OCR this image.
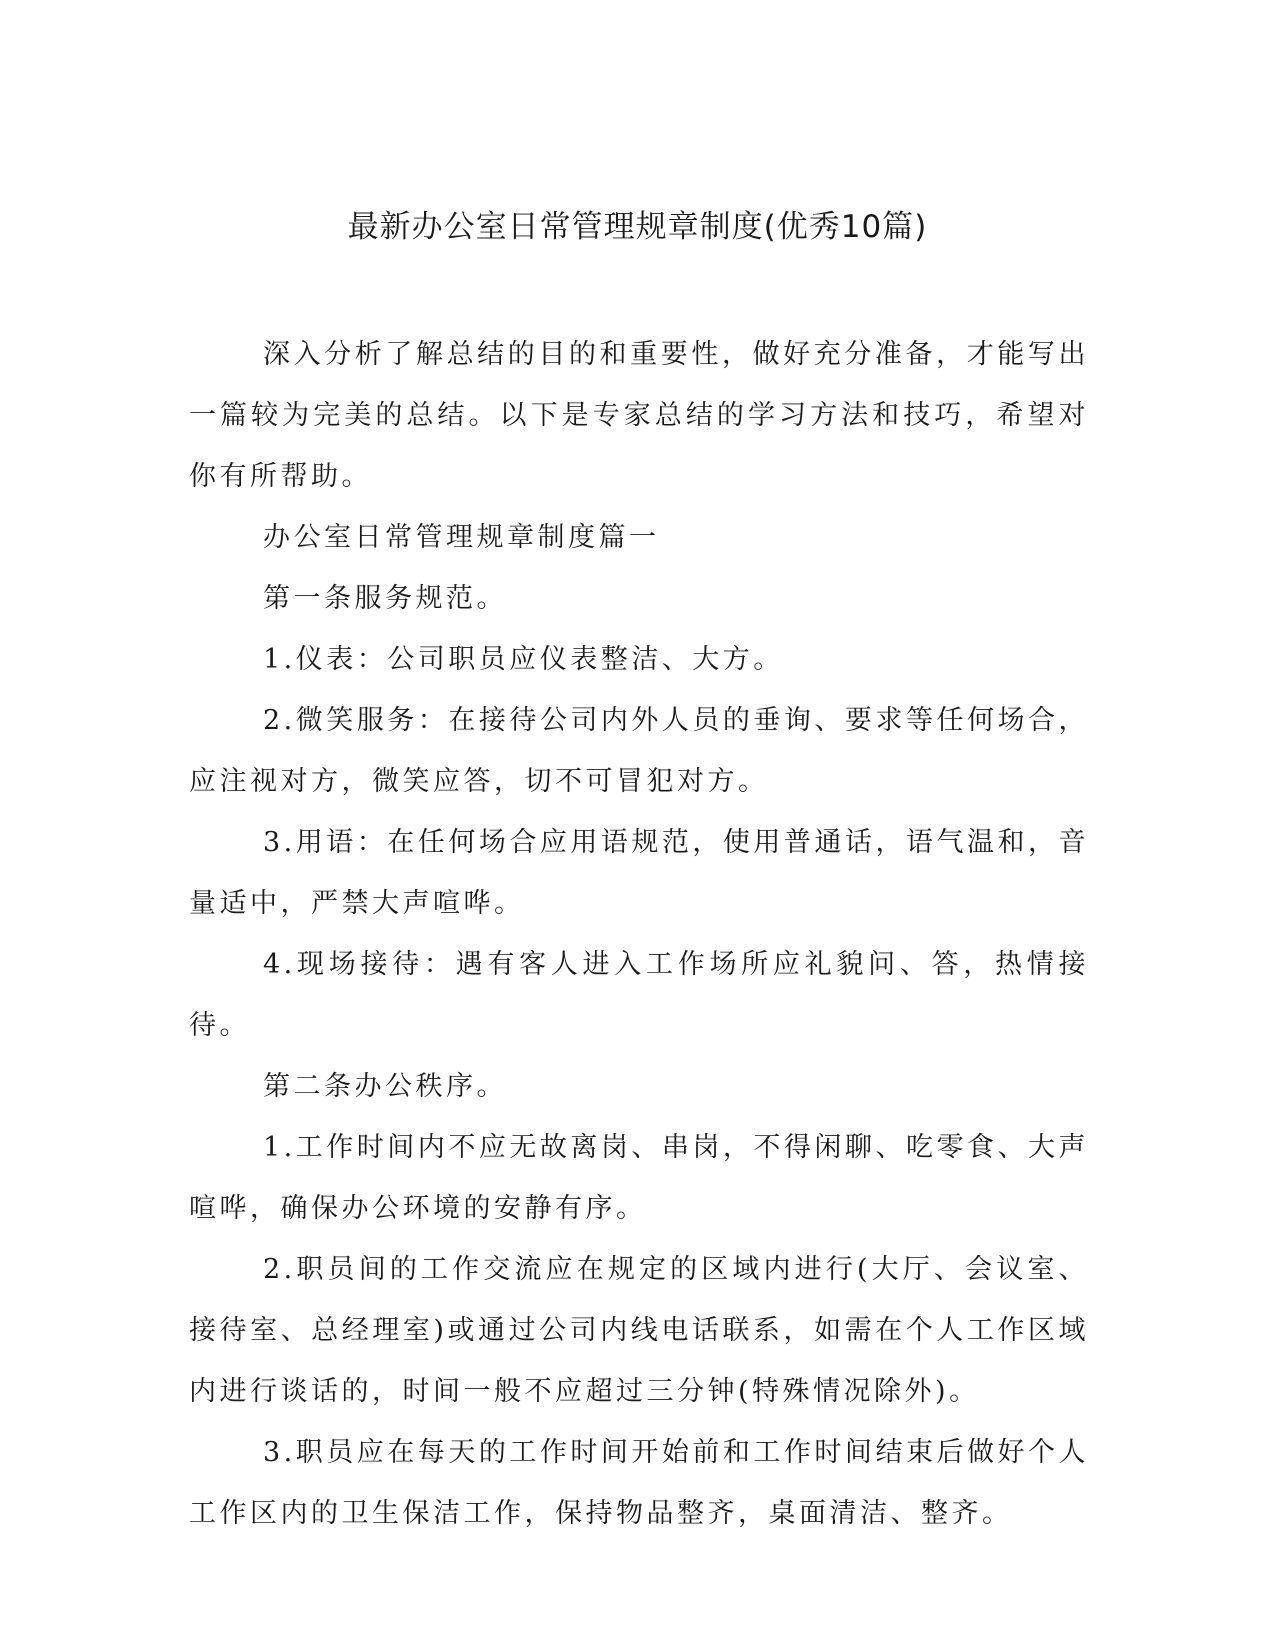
最新办公室日常管理规章制度(优秀10篇)

深入分析了解总结的目的和重要性，做好充分准备，才能写出一篇较为完美的总结。以下是专家总结的学习方法和技巧，希望对你有所帮助。

办公室日常管理规章制度篇一

第一条服务规范。

1.仪表：公司职员应仪表整洁、大方。

2.微笑服务：在接待公司内外人员的垂询、要求等任何场合，应注视对方，微笑应答，切不可冒犯对方。

3.用语：在任何场合应用语规范，使用普通话，语气温和，音量适中，严禁大声喧哗。

4.现场接待：遇有客人进入工作场所应礼貌问、答，热情接待。

第二条办公秩序。

1.工作时间内不应无故离岗、串岗，不得闲聊、吃零食、大声喧哗，确保办公环境的安静有序。

2.职员间的工作交流应在规定的区域内进行(大厅、会议室、接待室、总经理室)或通过公司内线电话联系，如需在个人工作区域内进行谈话的，时间一般不应超过三分钟(特殊情况除外)。

3.职员应在每天的工作时间开始前和工作时间结束后做好个人工作区内的卫生保洁工作，保持物品整齐，桌面清洁、整齐。
